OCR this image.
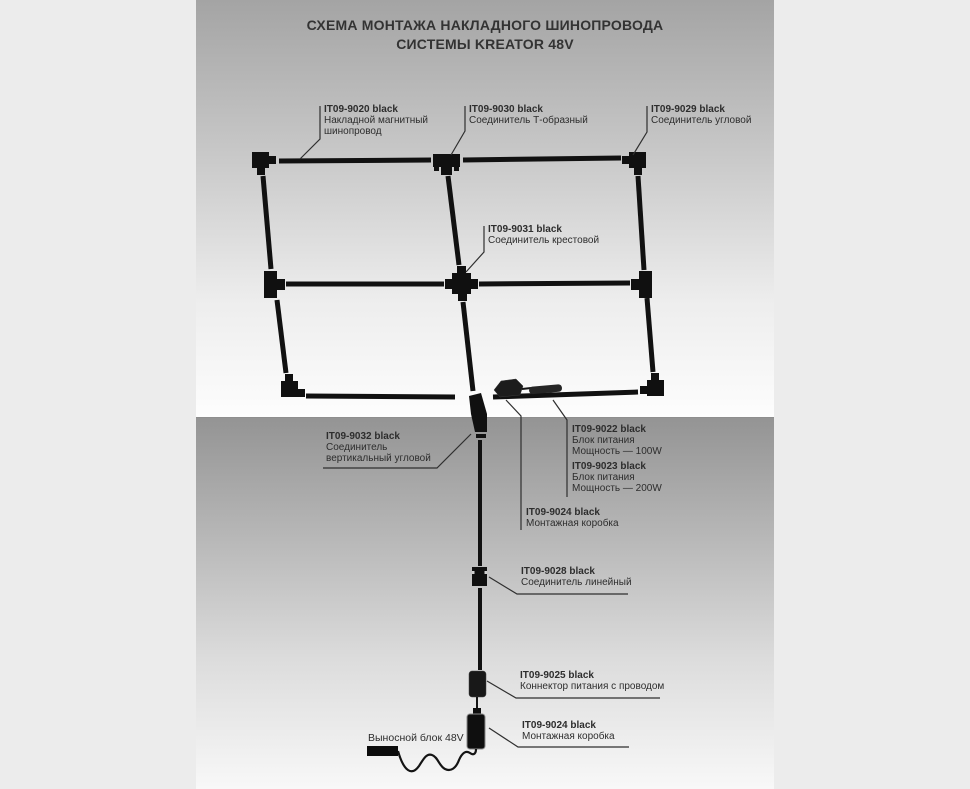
СХЕМА МОНТАЖА НАКЛАДНОГО ШИНОПРОВОДА
СИСТЕМЫ KREATOR 48V
IT09-9020 black
Накладной магнитный
шинопровод
IT09-9030 black
Соединитель Т-образный
IT09-9029 black
Соединитель угловой
IT09-9031 black
Соединитель крестовой
IT09-9032 black
Соединитель
вертикальный угловой
IT09-9022 black
Блок питания
Мощность — 100W
IT09-9023 black
Блок питания
Мощность — 200W
IT09-9024 black
Монтажная коробка
IT09-9028 black
Соединитель линейный
IT09-9025 black
Коннектор питания с проводом
IT09-9024 black
Монтажная коробка
Выносной блок 48V
